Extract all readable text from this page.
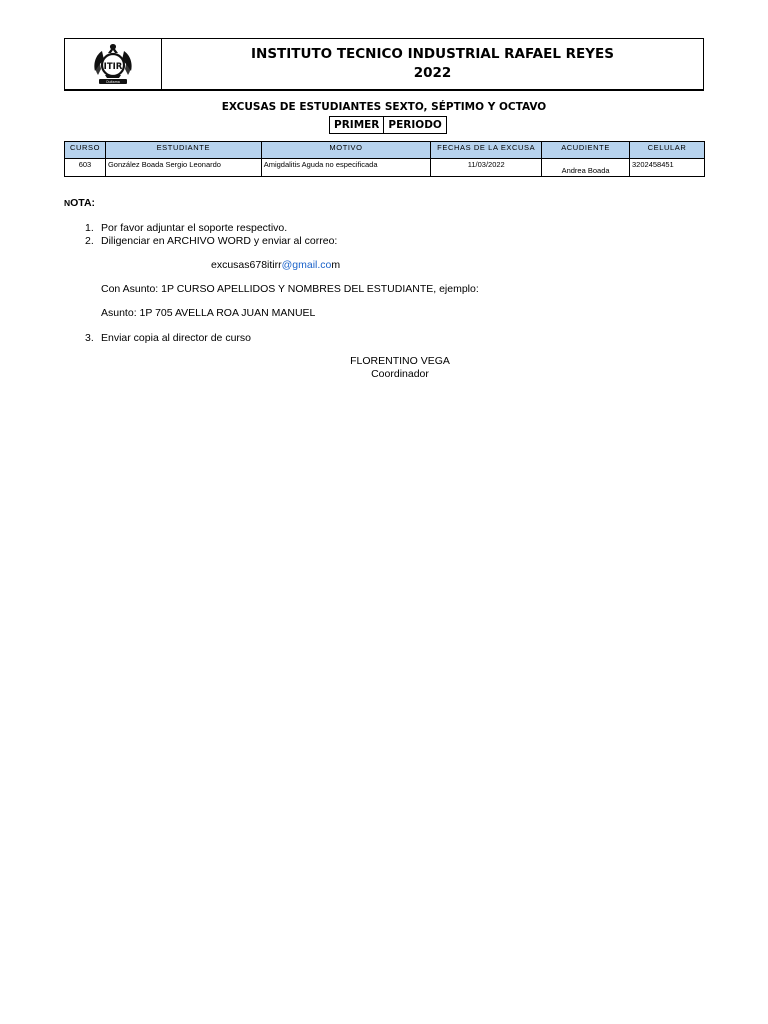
ITIR
Duitama
INSTITUTO TECNICO INDUSTRIAL RAFAEL REYES
2022
EXCUSAS DE ESTUDIANTES SEXTO, SÉPTIMO Y OCTAVO
PRIMER PERIODO
CURSO	ESTUDIANTE	MOTIVO	FECHAS DE LA EXCUSA	ACUDIENTE	CELULAR
603	González Boada Sergio Leonardo	Amigdalitis Aguda no especificada	11/03/2022	Andrea Boada	3202458451
NOTA:
1. Por favor adjuntar el soporte respectivo.
2. Diligenciar en ARCHIVO WORD y enviar al correo:
excusas678itirr@gmail.com
Con Asunto: 1P CURSO APELLIDOS Y NOMBRES DEL ESTUDIANTE, ejemplo:
Asunto: 1P 705 AVELLA ROA JUAN MANUEL
3. Enviar copia al director de curso
FLORENTINO VEGA
Coordinador
